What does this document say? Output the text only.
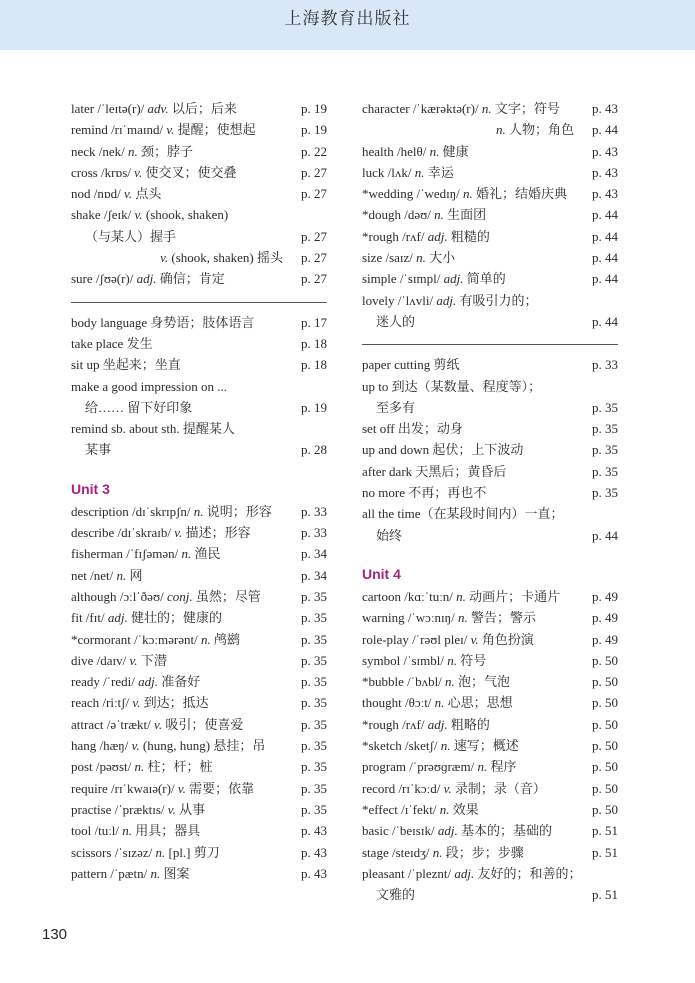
上海教育出版社
later /ˈleɪtə(r)/ adv. 以后；后来	p. 19
remind /rɪˈmaɪnd/ v. 提醒；使想起	p. 19
neck /nek/ n. 颈；脖子	p. 22
cross /krɒs/ v. 使交叉；使交叠	p. 27
nod /nɒd/ v. 点头	p. 27
shake /ʃeɪk/ v. (shook, shaken)
（与某人）握手	p. 27
v. (shook, shaken) 摇头 p. 27
sure /ʃʊə(r)/ adj. 确信；肯定	p. 27
body language 身势语；肢体语言	p. 17
take place 发生	p. 18
sit up 坐起来；坐直	p. 18
make a good impression on ...
给…… 留下好印象	p. 19
remind sb. about sth. 提醒某人
某事	p. 28
Unit 3
description /dɪˈskrɪpʃn/ n. 说明；形容 p. 33
describe /dɪˈskraɪb/ v. 描述；形容	p. 33
fisherman /ˈfɪʃəmən/ n. 渔民	p. 34
net /net/ n. 网	p. 34
although /ɔːlˈðəʊ/ conj. 虽然；尽管	p. 35
fit /fɪt/ adj. 健壮的；健康的	p. 35
*cormorant /ˈkɔːmərənt/ n. 鸬鹚	p. 35
dive /daɪv/ v. 下潜	p. 35
ready /ˈredi/ adj. 准备好	p. 35
reach /riːtʃ/ v. 到达；抵达	p. 35
attract /əˈtrækt/ v. 吸引；使喜爱	p. 35
hang /hæŋ/ v. (hung, hung) 悬挂；吊	p. 35
post /pəʊst/ n. 柱；杆；桩	p. 35
require /rɪˈkwaɪə(r)/ v. 需要；依靠	p. 35
practise /ˈpræktɪs/ v. 从事	p. 35
tool /tuːl/ n. 用具；器具	p. 43
scissors /ˈsɪzəz/ n. [pl.] 剪刀	p. 43
pattern /ˈpætn/ n. 图案	p. 43
character /ˈkærəktə(r)/ n. 文字；符号 p. 43
n. 人物；角色 p. 44
health /helθ/ n. 健康	p. 43
luck /lʌk/ n. 幸运	p. 43
*wedding /ˈwedɪŋ/ n. 婚礼；结婚庆典 p. 43
*dough /dəʊ/ n. 生面团	p. 44
*rough /rʌf/ adj. 粗糙的	p. 44
size /saɪz/ n. 大小	p. 44
simple /ˈsɪmpl/ adj. 简单的	p. 44
lovely /ˈlʌvli/ adj. 有吸引力的；
迷人的	p. 44
paper cutting 剪纸	p. 33
up to 到达（某数量、程度等）；
至多有	p. 35
set off 出发；动身	p. 35
up and down 起伏；上下波动	p. 35
after dark 天黑后；黄昏后	p. 35
no more 不再；再也不	p. 35
all the time（在某段时间内）一直；
始终	p. 44
Unit 4
cartoon /kɑːˈtuːn/ n. 动画片；卡通片 p. 49
warning /ˈwɔːnɪŋ/ n. 警告；警示	p. 49
role-play /ˈrəʊl pleɪ/ v. 角色扮演	p. 49
symbol /ˈsɪmbl/ n. 符号	p. 50
*bubble /ˈbʌbl/ n. 泡；气泡	p. 50
thought /θɔːt/ n. 心思；思想	p. 50
*rough /rʌf/ adj. 粗略的	p. 50
*sketch /sketʃ/ n. 速写；概述	p. 50
program /ˈprəʊɡræm/ n. 程序	p. 50
record /rɪˈkɔːd/ v. 录制；录（音）	p. 50
*effect /ɪˈfekt/ n. 效果	p. 50
basic /ˈbeɪsɪk/ adj. 基本的；基础的	p. 51
stage /steɪdʒ/ n. 段；步；步骤	p. 51
pleasant /ˈpleznt/ adj. 友好的；和善的；
文雅的	p. 51
130
